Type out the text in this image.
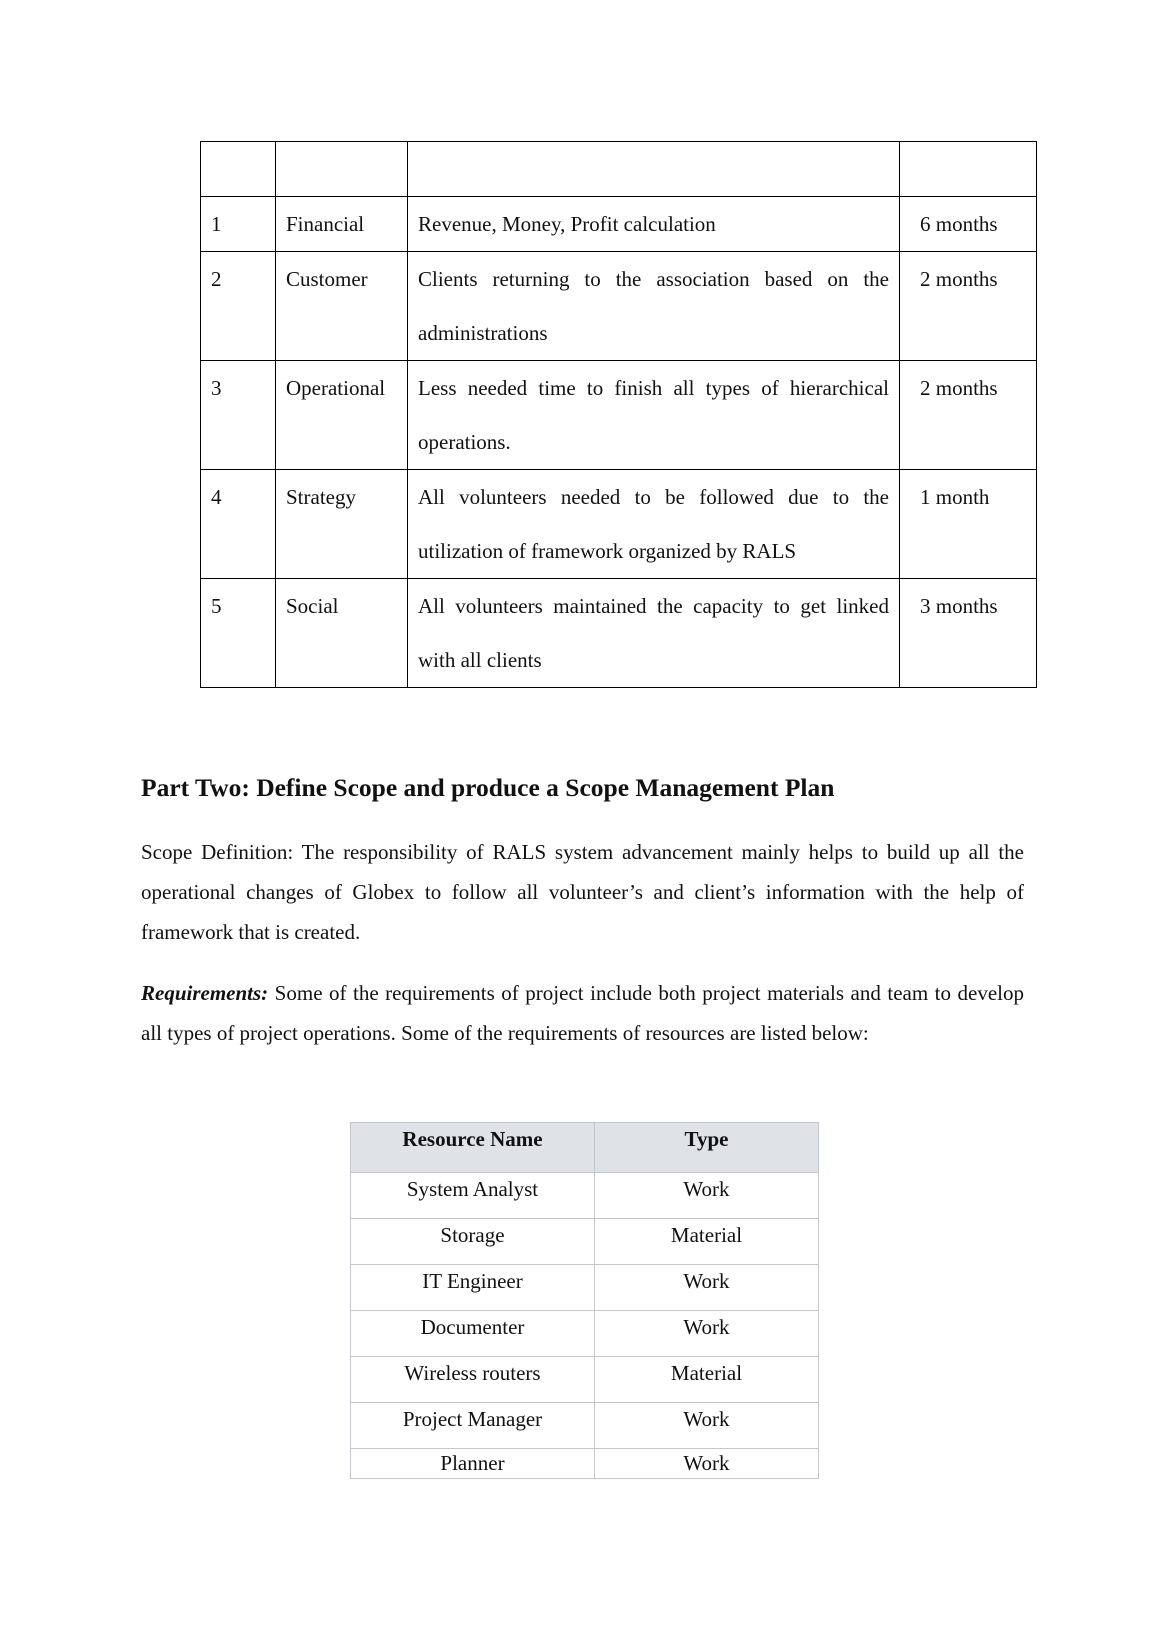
1	Financial	Revenue, Money, Profit calculation	6 months
2	Customer	Clients returning to the association based on the administrations	2 months
3	Operational	Less needed time to finish all types of hierarchical operations.	2 months
4	Strategy	All volunteers needed to be followed due to the utilization of framework organized by RALS	1 month
5	Social	All volunteers maintained the capacity to get linked with all clients	3 months
Part Two: Define Scope and produce a Scope Management Plan

Scope Definition: The responsibility of RALS system advancement mainly helps to build up all the operational changes of Globex to follow all volunteer’s and client’s information with the help of framework that is created.

Requirements: Some of the requirements of project include both project materials and team to develop all types of project operations. Some of the requirements of resources are listed below:

Resource Name	Type
System Analyst	Work
Storage	Material
IT Engineer	Work
Documenter	Work
Wireless routers	Material
Project Manager	Work
Planner	Work
